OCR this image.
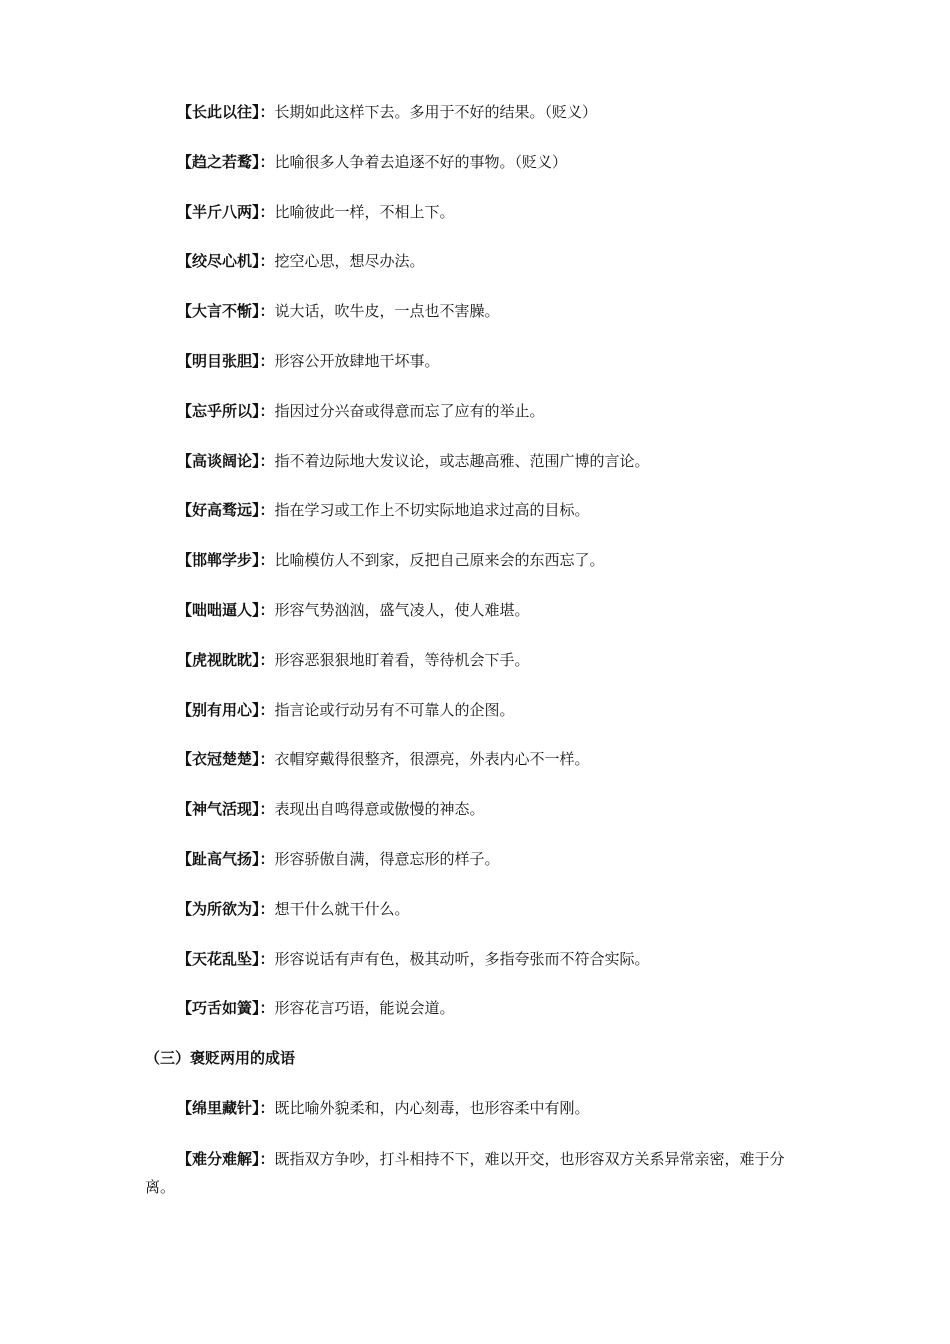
【长此以往】：长期如此这样下去。多用于不好的结果。（贬义）
【趋之若鹜】：比喻很多人争着去追逐不好的事物。（贬义）
【半斤八两】：比喻彼此一样，不相上下。
【绞尽心机】：挖空心思，想尽办法。
【大言不惭】：说大话，吹牛皮，一点也不害臊。
【明目张胆】：形容公开放肆地干坏事。
【忘乎所以】：指因过分兴奋或得意而忘了应有的举止。
【高谈阔论】：指不着边际地大发议论，或志趣高雅、范围广博的言论。
【好高骛远】：指在学习或工作上不切实际地追求过高的目标。
【邯郸学步】：比喻模仿人不到家，反把自己原来会的东西忘了。
【咄咄逼人】：形容气势汹汹，盛气凌人，使人难堪。
【虎视眈眈】：形容恶狠狠地盯着看，等待机会下手。
【别有用心】：指言论或行动另有不可靠人的企图。
【衣冠楚楚】：衣帽穿戴得很整齐，很漂亮，外表内心不一样。
【神气活现】：表现出自鸣得意或傲慢的神态。
【趾高气扬】：形容骄傲自满，得意忘形的样子。
【为所欲为】：想干什么就干什么。
【天花乱坠】：形容说话有声有色，极其动听，多指夸张而不符合实际。
【巧舌如簧】：形容花言巧语，能说会道。
（三）褒贬两用的成语
【绵里藏针】：既比喻外貌柔和，内心刻毒，也形容柔中有刚。
【难分难解】：既指双方争吵，打斗相持不下，难以开交，也形容双方关系异常亲密，难于分离。
